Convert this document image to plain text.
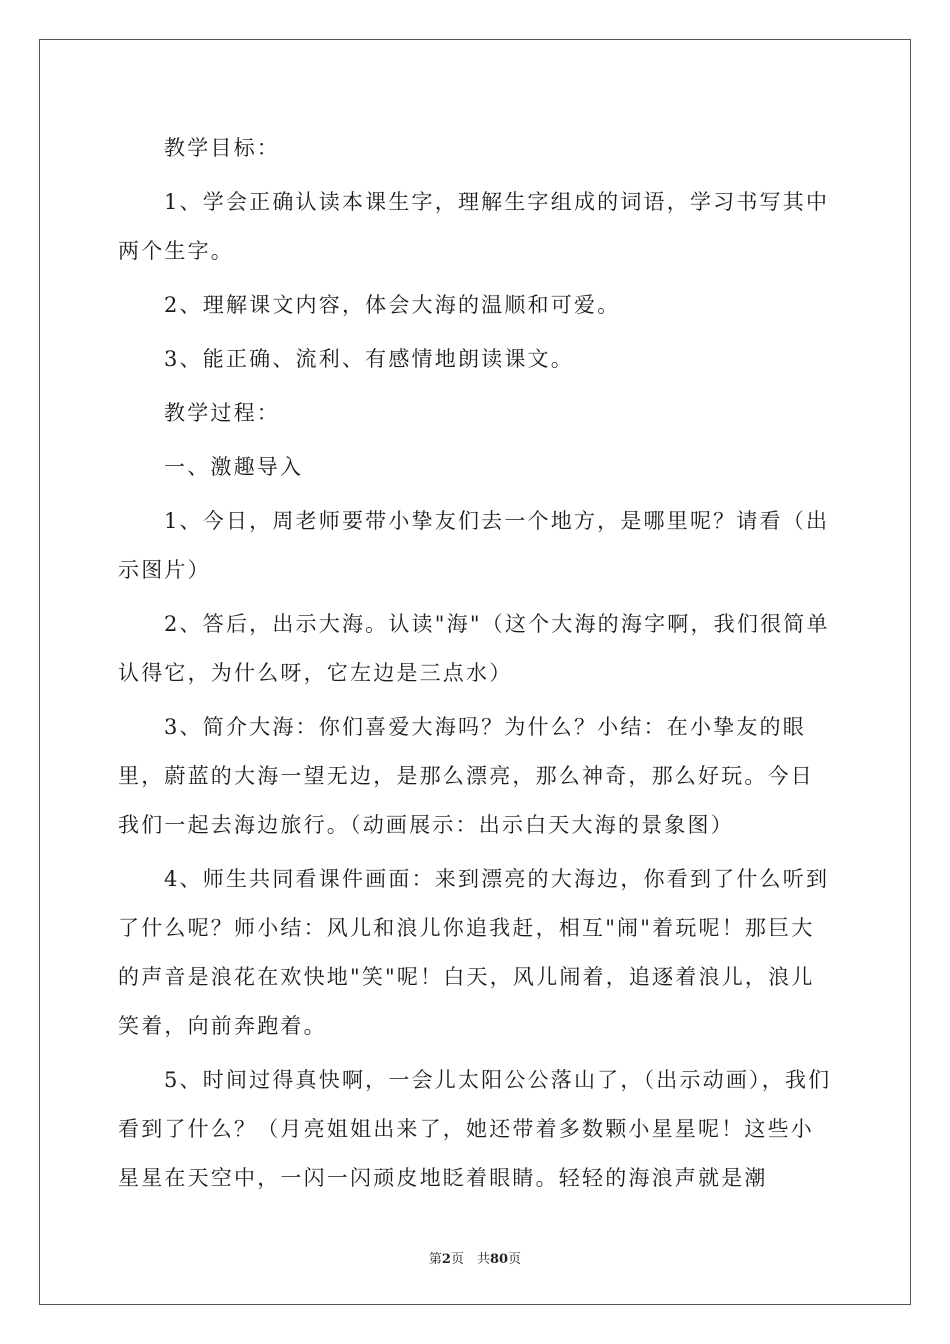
教学目标：

1、学会正确认读本课生字，理解生字组成的词语，学习书写其中两个生字。

2、理解课文内容，体会大海的温顺和可爱。

3、能正确、流利、有感情地朗读课文。

教学过程：

一、激趣导入

1、今日，周老师要带小挚友们去一个地方，是哪里呢？请看（出示图片）

2、答后，出示大海。认读"海"（这个大海的海字啊，我们很简单认得它，为什么呀，它左边是三点水）

3、简介大海：你们喜爱大海吗？为什么？小结：在小挚友的眼里，蔚蓝的大海一望无边，是那么漂亮，那么神奇，那么好玩。今日我们一起去海边旅行。（动画展示：出示白天大海的景象图）

4、师生共同看课件画面：来到漂亮的大海边，你看到了什么听到了什么呢？师小结：风儿和浪儿你追我赶，相互"闹"着玩呢！那巨大的声音是浪花在欢快地"笑"呢！白天，风儿闹着，追逐着浪儿，浪儿笑着，向前奔跑着。

5、时间过得真快啊，一会儿太阳公公落山了，（出示动画），我们看到了什么？（月亮姐姐出来了，她还带着多数颗小星星呢！这些小星星在天空中，一闪一闪顽皮地眨着眼睛。轻轻的海浪声就是潮

第2页　共80页
